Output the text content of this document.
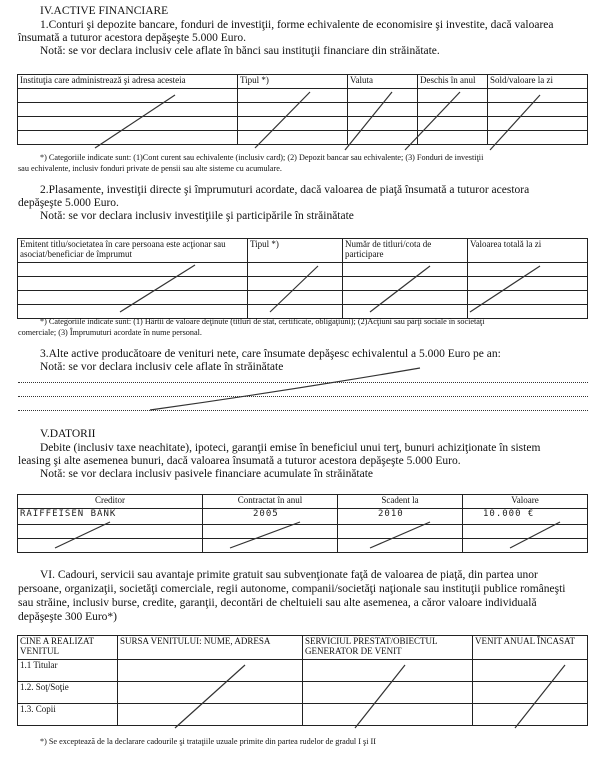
IV.ACTIVE FINANCIARE
1.Conturi şi depozite bancare, fonduri de investiţii, forme echivalente de economisire şi investite, dacă valoarea
însumată a tuturor acestora depăşeşte 5.000 Euro.
Notă: se vor declara inclusiv cele aflate în bănci sau instituţii financiare din străinătate.
Instituţia care administrează şi adresa acesteia	Tipul *)	Valuta	Deschis în anul	Sold/valoare la zi

*) Categoriile indicate sunt: (1)Cont curent sau echivalente (inclusiv card); (2) Depozit bancar sau echivalente; (3) Fonduri de investiţii
sau echivalente, inclusiv fonduri private de pensii sau alte sisteme cu acumulare.
2.Plasamente, investiţii directe şi împrumuturi acordate, dacă valoarea de piaţă însumată a tuturor acestora
depăşeşte 5.000 Euro.
Notă: se vor declara inclusiv investiţiile şi participările în străinătate
Emitent titlu/societatea în care persoana este acţionar sau asociat/beneficiar de împrumut	Tipul *)	Număr de titluri/cota de participare	Valoarea totală la zi

*) Categoriile indicate sunt: (1) Hârtii de valoare deţinute (titluri de stat, certificate, obligaţiuni); (2)Acţiuni sau părţi sociale în societăţi
comerciale; (3) Împrumuturi acordate în nume personal.
3.Alte active producătoare de venituri nete, care însumate depăşesc echivalentul a 5.000 Euro pe an:
Notă: se vor declara inclusiv cele aflate în străinătate
V.DATORII
Debite (inclusiv taxe neachitate), ipoteci, garanţii emise în beneficiul unui terţ, bunuri achiziţionate în sistem
leasing şi alte asemenea bunuri, dacă valoarea însumată a tuturor acestora depăşeşte 5.000 Euro.
Notă: se vor declara inclusiv pasivele financiare acumulate în străinătate
Creditor	Contractat în anul	Scadent la	Valoare
RAIFFEISEN BANK	2005	2010	10.000 €

VI. Cadouri, servicii sau avantaje primite gratuit sau subvenţionate faţă de valoarea de piaţă, din partea unor
persoane, organizaţii, societăţi comerciale, regii autonome, companii/societăţi naţionale sau instituţii publice româneşti
sau străine, inclusiv burse, credite, garanţii, decontări de cheltuieli sau alte asemenea, a căror valoare individuală
depăşeşte 300 Euro*)
CINE A REALIZAT VENITUL	SURSA VENITULUI: NUME, ADRESA	SERVICIUL PRESTAT/OBIECTUL GENERATOR DE VENIT	VENIT ANUAL ÎNCASAT
1.1 Titular			
1.2. Soţ/Soţie			
1.3. Copii			
*) Se exceptează de la declarare cadourile şi trataţiile uzuale primite din partea rudelor de gradul I şi II
